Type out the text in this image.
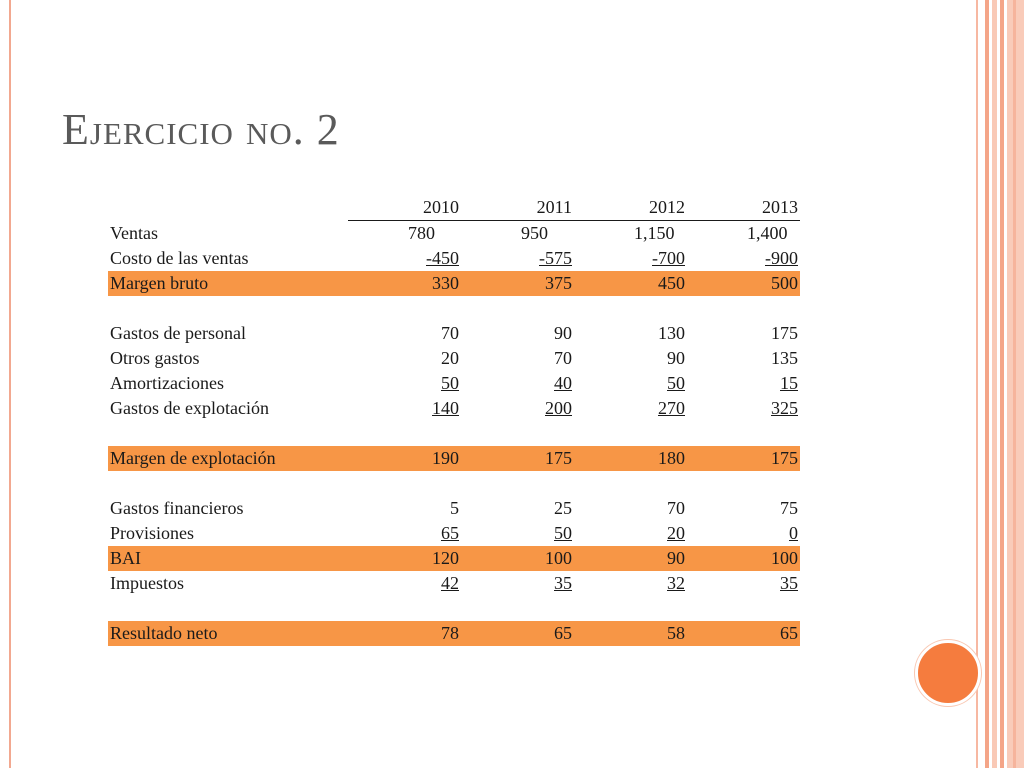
Ejercicio no. 2
	2010	2011	2012	2013
Ventas	780	950	1,150	1,400
Costo de las ventas	-450	-575	-700	-900
Margen bruto	330	375	450	500

Gastos de personal	70	90	130	175
Otros gastos	20	70	90	135
Amortizaciones	50	40	50	15
Gastos de explotación	140	200	270	325

Margen de explotación	190	175	180	175

Gastos financieros	5	25	70	75
Provisiones	65	50	20	0
BAI	120	100	90	100
Impuestos	42	35	32	35

Resultado neto	78	65	58	65
